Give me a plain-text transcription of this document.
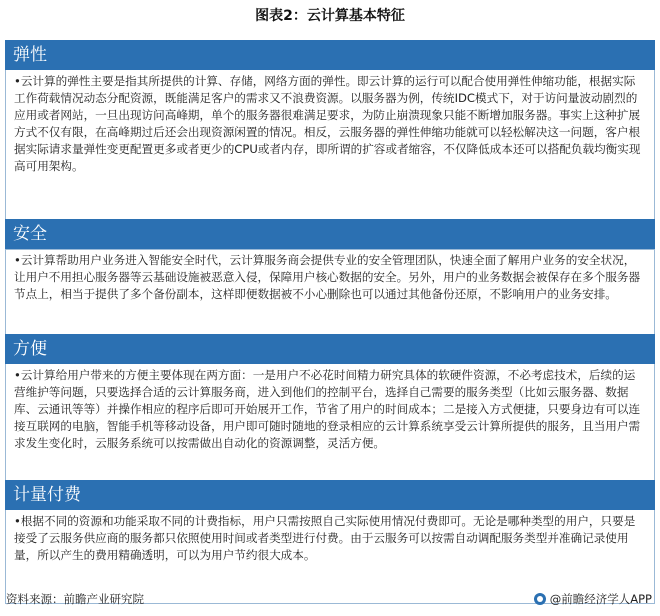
图表2：云计算基本特征
弹性
•云计算的弹性主要是指其所提供的计算、存储，网络方面的弹性。即云计算的运行可以配合使用弹性伸缩功能，根据实际工作荷载情况动态分配资源，既能满足客户的需求又不浪费资源。以服务器为例，传统IDC模式下，对于访问量波动剧烈的应用或者网站，一旦出现访问高峰期，单个的服务器很难满足要求，为防止崩溃现象只能不断增加服务器。事实上这种扩展方式不仅有限，在高峰期过后还会出现资源闲置的情况。相反，云服务器的弹性伸缩功能就可以轻松解决这一问题，客户根据实际请求量弹性变更配置更多或者更少的CPU或者内存，即所谓的扩容或者缩容，不仅降低成本还可以搭配负载均衡实现高可用架构。
安全
•云计算帮助用户业务进入智能安全时代，云计算服务商会提供专业的安全管理团队，快速全面了解用户业务的安全状况，让用户不用担心服务器等云基础设施被恶意入侵，保障用户核心数据的安全。另外，用户的业务数据会被保存在多个服务器节点上，相当于提供了多个备份副本，这样即便数据被不小心删除也可以通过其他备份还原，不影响用户的业务安排。
方便
•云计算给用户带来的方便主要体现在两方面：一是用户不必花时间精力研究具体的软硬件资源，不必考虑技术，后续的运营维护等问题，只要选择合适的云计算服务商，进入到他们的控制平台，选择自己需要的服务类型（比如云服务器、数据库、云通讯等等）并操作相应的程序后即可开始展开工作，节省了用户的时间成本；二是接入方式便捷，只要身边有可以连接互联网的电脑，智能手机等移动设备，用户即可随时随地的登录相应的云计算系统享受云计算所提供的服务，且当用户需求发生变化时，云服务系统可以按需做出自动化的资源调整，灵活方便。
计量付费
•根据不同的资源和功能采取不同的计费指标，用户只需按照自己实际使用情况付费即可。无论是哪种类型的用户，只要是接受了云服务供应商的服务都只依照使用时间或者类型进行付费。由于云服务可以按需自动调配服务类型并准确记录使用量，所以产生的费用精确透明，可以为用户节约很大成本。
资料来源：前瞻产业研究院	@前瞻经济学人APP
